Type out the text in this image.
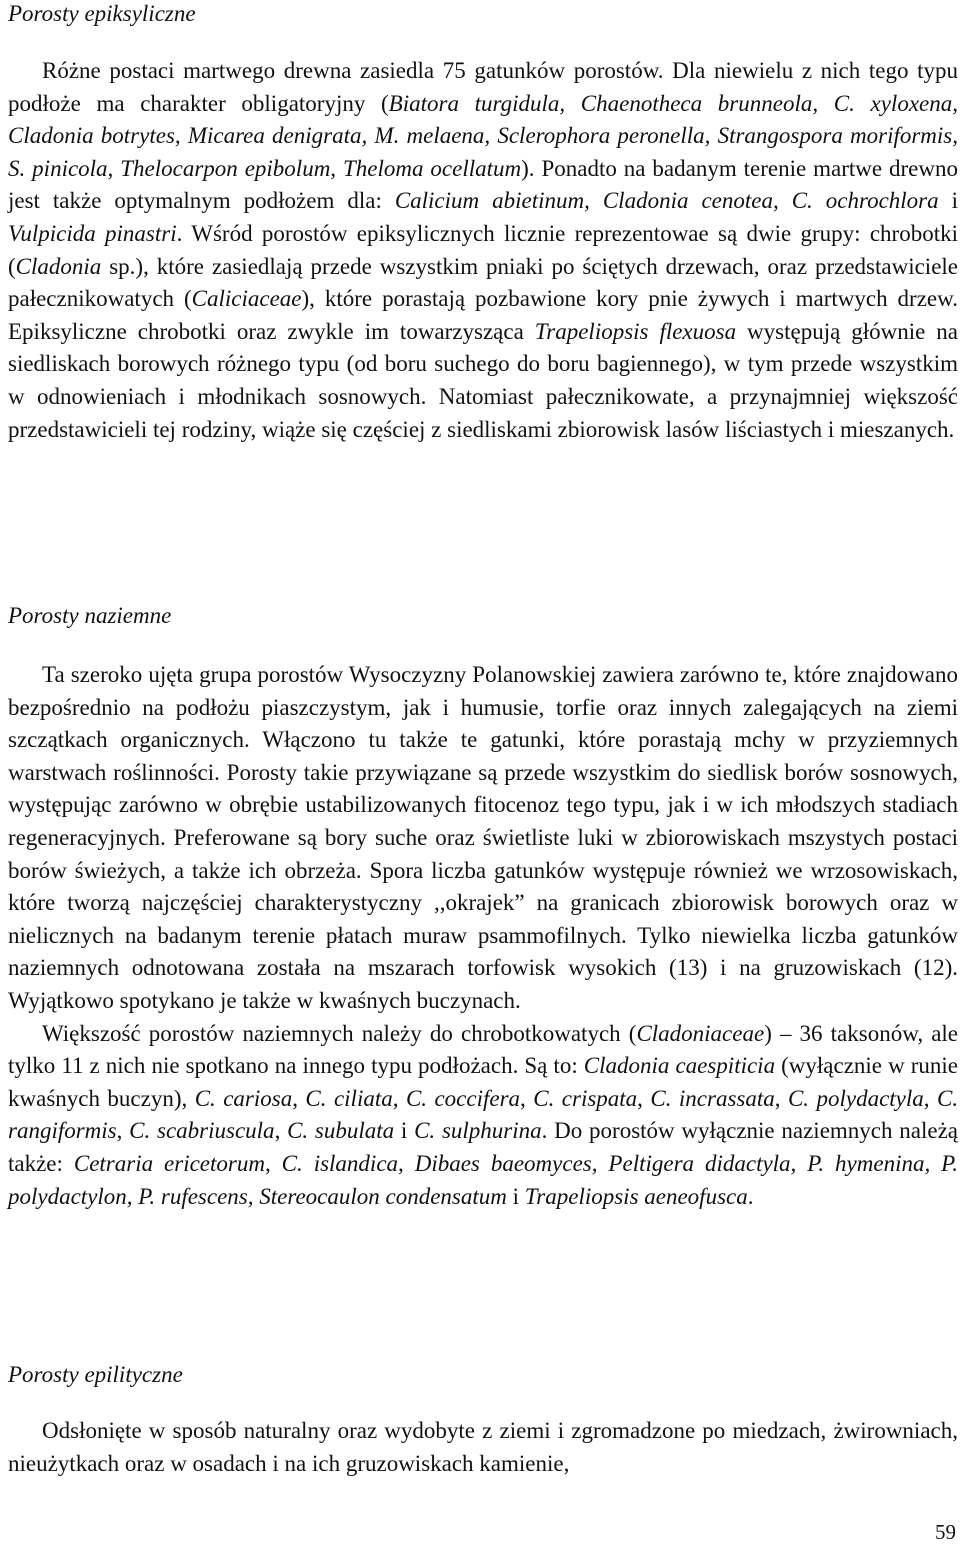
Porosty epiksyliczne

Różne postaci martwego drewna zasiedla 75 gatunków porostów. Dla niewielu z nich tego typu podłoże ma charakter obligatoryjny (Biatora turgidula, Chaenotheca brunneola, C. xyloxena, Cladonia botrytes, Micarea denigrata, M. melaena, Sclerophora peronella, Strangospora moriformis, S. pinicola, Thelocarpon epibolum, Theloma ocellatum). Ponadto na badanym terenie martwe drewno jest także optymalnym podłożem dla: Calicium abietinum, Cladonia cenotea, C. ochrochlora i Vulpicida pinastri. Wśród porostów epiksylicznych licznie reprezentowae są dwie grupy: chrobotki (Cladonia sp.), które zasiedlają przede wszystkim pniaki po ściętych drzewach, oraz przedstawiciele pałecznikowatych (Caliciaceae), które porastają pozbawione kory pnie żywych i martwych drzew. Epiksyliczne chrobotki oraz zwykle im towarzysząca Trapeliopsis flexuosa występują głównie na siedliskach borowych różnego typu (od boru suchego do boru bagiennego), w tym przede wszystkim w odnowieniach i młodnikach sosnowych. Natomiast pałecznikowate, a przynajmniej większość przedstawicieli tej rodziny, wiąże się częściej z siedliskami zbiorowisk lasów liściastych i mieszanych.

Porosty naziemne

Ta szeroko ujęta grupa porostów Wysoczyzny Polanowskiej zawiera zarówno te, które znajdowano bezpośrednio na podłożu piaszczystym, jak i humusie, torfie oraz innych zalegających na ziemi szczątkach organicznych. Włączono tu także te gatunki, które porastają mchy w przyziemnych warstwach roślinności. Porosty takie przywiązane są przede wszystkim do siedlisk borów sosnowych, występując zarówno w obrębie ustabilizowanych fitocenoz tego typu, jak i w ich młodszych stadiach regeneracyjnych. Preferowane są bory suche oraz świetliste luki w zbiorowiskach mszystych postaci borów świeżych, a także ich obrzeża. Spora liczba gatunków występuje również we wrzosowiskach, które tworzą najczęściej charakterystyczny ,,okrajek” na granicach zbiorowisk borowych oraz w nielicznych na badanym terenie płatach muraw psammofilnych. Tylko niewielka liczba gatunków naziemnych odnotowana została na mszarach torfowisk wysokich (13) i na gruzowiskach (12). Wyjątkowo spotykano je także w kwaśnych buczynach.

Większość porostów naziemnych należy do chrobotkowatych (Cladoniaceae) – 36 taksonów, ale tylko 11 z nich nie spotkano na innego typu podłożach. Są to: Cladonia caespiticia (wyłącznie w runie kwaśnych buczyn), C. cariosa, C. ciliata, C. coccifera, C. crispata, C. incrassata, C. polydactyla, C. rangiformis, C. scabriuscula, C. subulata i C. sulphurina. Do porostów wyłącznie naziemnych należą także: Cetraria ericetorum, C. islandica, Dibaes baeomyces, Peltigera didactyla, P. hymenina, P. polydactylon, P. rufescens, Stereocaulon condensatum i Trapeliopsis aeneofusca.

Porosty epilityczne

Odsłonięte w sposób naturalny oraz wydobyte z ziemi i zgromadzone po miedzach, żwirowniach, nieużytkach oraz w osadach i na ich gruzowiskach kamienie,

59
